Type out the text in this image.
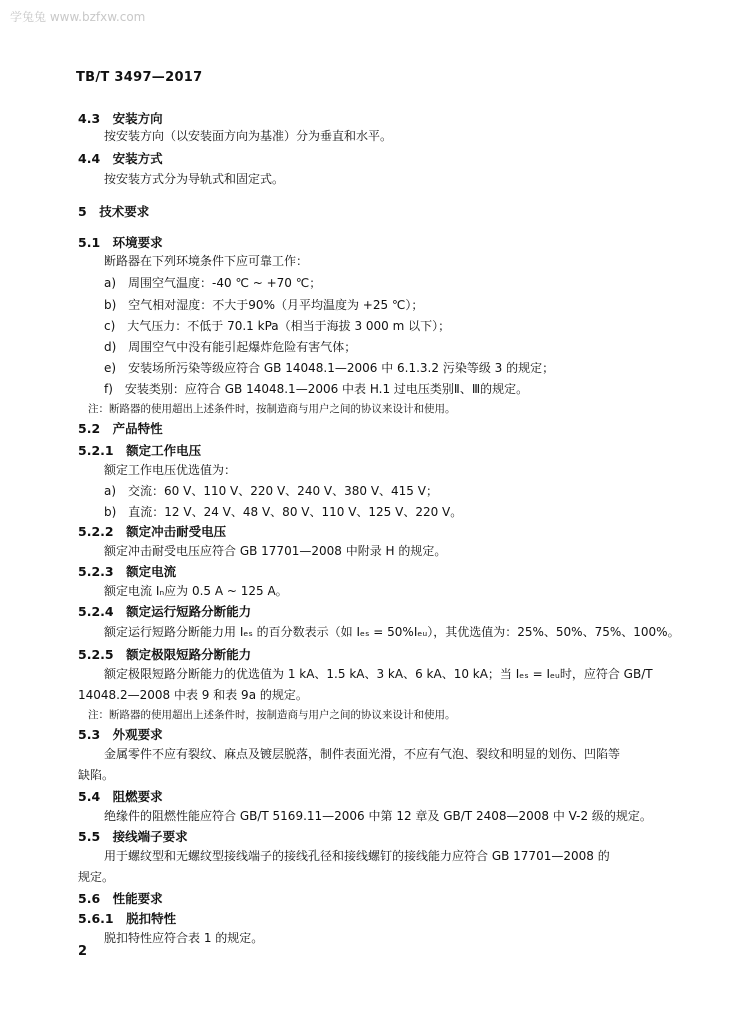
学兔兔 www.bzfxw.com
TB/T 3497—2017
4.3　安装方向
按安装方向（以安装面方向为基准）分为垂直和水平。
4.4　安装方式
按安装方式分为导轨式和固定式。
5　技术要求
5.1　环境要求
断路器在下列环境条件下应可靠工作：
a)　周围空气温度：-40 ℃ ~ +70 ℃；
b)　空气相对湿度：不大于90%（月平均温度为 +25 ℃）；
c)　大气压力：不低于 70.1 kPa（相当于海拔 3 000 m 以下）；
d)　周围空气中没有能引起爆炸危险有害气体；
e)　安装场所污染等级应符合 GB 14048.1—2006 中 6.1.3.2 污染等级 3 的规定；
f)　安装类别：应符合 GB 14048.1—2006 中表 H.1 过电压类别Ⅱ、Ⅲ的规定。
注：断路器的使用超出上述条件时，按制造商与用户之间的协议来设计和使用。
5.2　产品特性
5.2.1　额定工作电压
额定工作电压优选值为：
a)　交流：60 V、110 V、220 V、240 V、380 V、415 V；
b)　直流：12 V、24 V、48 V、80 V、110 V、125 V、220 V。
5.2.2　额定冲击耐受电压
额定冲击耐受电压应符合 GB 17701—2008 中附录 H 的规定。
5.2.3　额定电流
额定电流 Iₙ应为 0.5 A ~ 125 A。
5.2.4　额定运行短路分断能力
额定运行短路分断能力用 Iₑₛ 的百分数表示（如 Iₑₛ = 50%Iₑᵤ），其优选值为：25%、50%、75%、100%。
5.2.5　额定极限短路分断能力
额定极限短路分断能力的优选值为 1 kA、1.5 kA、3 kA、6 kA、10 kA；当 Iₑₛ = Iₑᵤ时，应符合 GB/T
14048.2—2008 中表 9 和表 9a 的规定。
注：断路器的使用超出上述条件时，按制造商与用户之间的协议来设计和使用。
5.3　外观要求
金属零件不应有裂纹、麻点及镀层脱落，制件表面光滑，不应有气泡、裂纹和明显的划伤、凹陷等
缺陷。
5.4　阻燃要求
绝缘件的阻燃性能应符合 GB/T 5169.11—2006 中第 12 章及 GB/T 2408—2008 中 V-2 级的规定。
5.5　接线端子要求
用于螺纹型和无螺纹型接线端子的接线孔径和接线螺钉的接线能力应符合 GB 17701—2008 的
规定。
5.6　性能要求
5.6.1　脱扣特性
脱扣特性应符合表 1 的规定。
2
